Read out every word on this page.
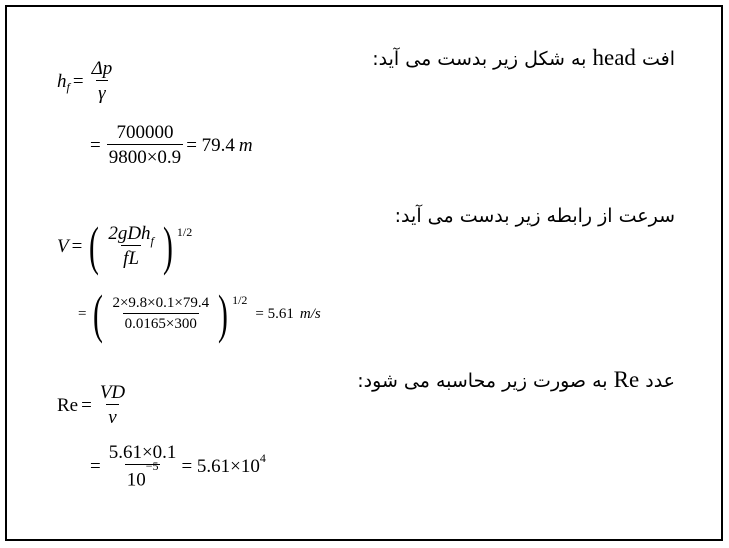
افت head به شکل زیر بدست می آید:
h $f = \frac{\Delta p}{\gamma}$
= $\frac{700000}{9800\times 0.9} = 79.4$ m
سرعت از رابطه زیر بدست می آید:
V = ( $\frac{2gDh_f}{fL}$ ) 1/2
= ( $\frac{2\times 9.8\times 0.1\times 79.4}{0.0165\times 300}$ ) 1/2
= 5.61 m/s
عدد Re به صورت زیر محاسبه می شود:
$Re = \frac{VD}{\nu}$
= $\frac{5.61\times 0.1}{10^{-5}} = 5.61\times 10$ 4
